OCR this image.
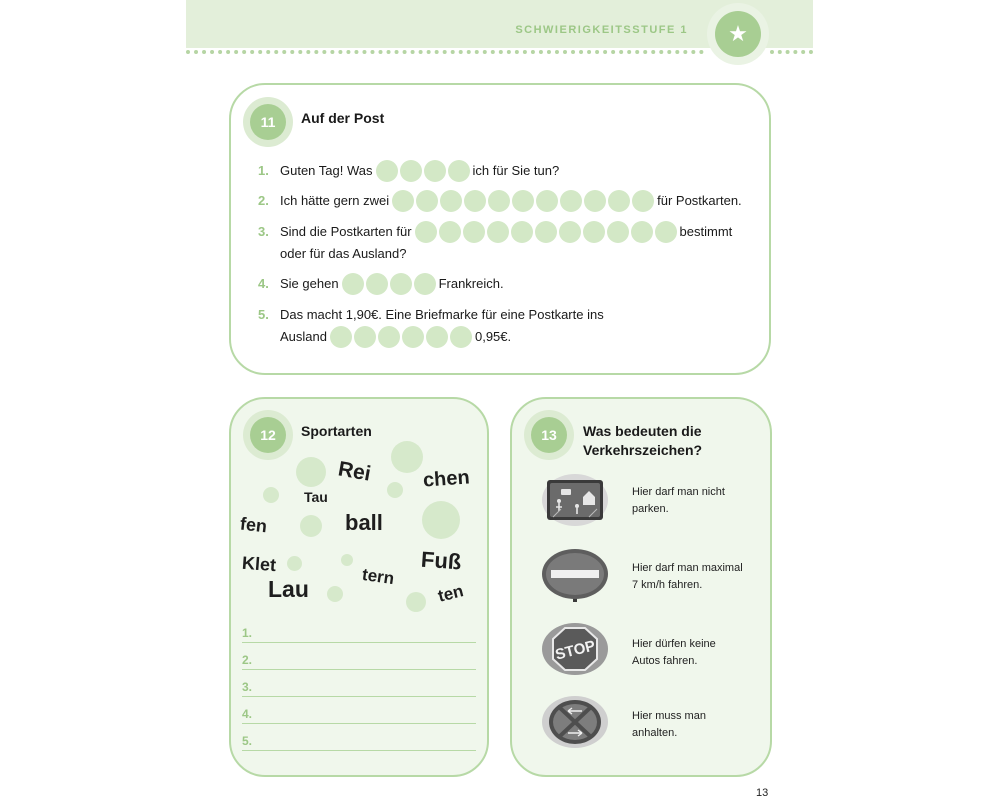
SCHWIERIGKEITSSTUFE 1	★
11	Auf der Post
1. Guten Tag! Was	ich für Sie tun?
2. Ich hätte gern zwei	für Postkarten.
3. Sind die Postkarten für	bestimmt
oder für das Ausland?
4. Sie gehen	Frankreich.
5. Das macht 1,90€. Eine Briefmarke für eine Postkarte ins
Ausland	0,95€.
12	Sportarten
Rei chen
Tau
fen	ball
Klet	Fuß
tern
Lau	ten
1.
2.
3.
4.
5.
13	Was bedeuten die
Verkehrszeichen?
STOP
Hier darf man nicht
parken.
Hier darf man maximal
7 km/h fahren.
Hier dürfen keine
Autos fahren.
Hier muss man
anhalten.
13
